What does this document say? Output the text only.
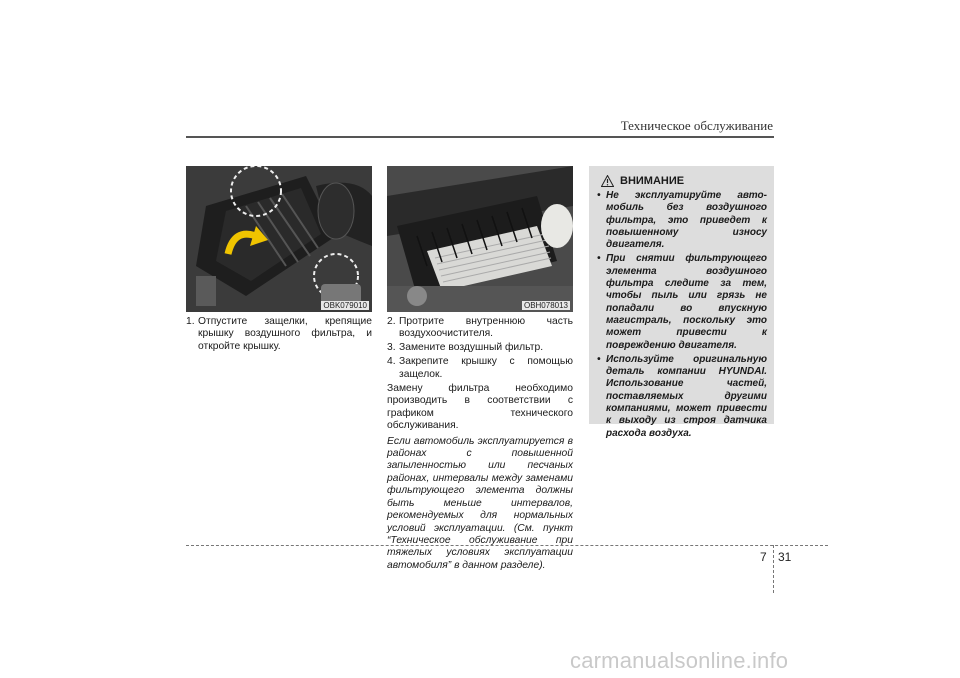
Техническое обслуживание
OBK079010	OBH078013
1. Отпустите защелки, крепящие крышку воздушного фильтра, и откройте крышку.
2. Протрите внутреннюю часть воздухоочистителя.
3. Замените воздушный фильтр.
4. Закрепите крышку с помощью защелок.
Замену фильтра необходимо производить в соответствии с графиком технического обслуживания.
Если автомобиль эксплуатируется в районах с повышенной запыленностью или песчаных районах, интервалы между заменами фильтрующего элемента должны быть меньше интервалов, рекомендуемых для нормальных условий эксплуатации. (См. пункт “Техническое обслуживание при тяжелых условиях эксплуатации автомобиля” в данном разделе).
ВНИМАНИЕ
• Не эксплуатируйте авто-мобиль без воздушного фильтра, это приведет к повышенному износу двигателя.
• При снятии фильтрующего элемента воздушного фильтра следите за тем, чтобы пыль или грязь не попадали во впускную магистраль, поскольку это может привести к повреждению двигателя.
• Используйте оригинальную деталь компании HYUNDAI. Использование частей, поставляемых другими компаниями, может привести к выходу из строя датчика расхода воздуха.
7 31
carmanualsonline.info
